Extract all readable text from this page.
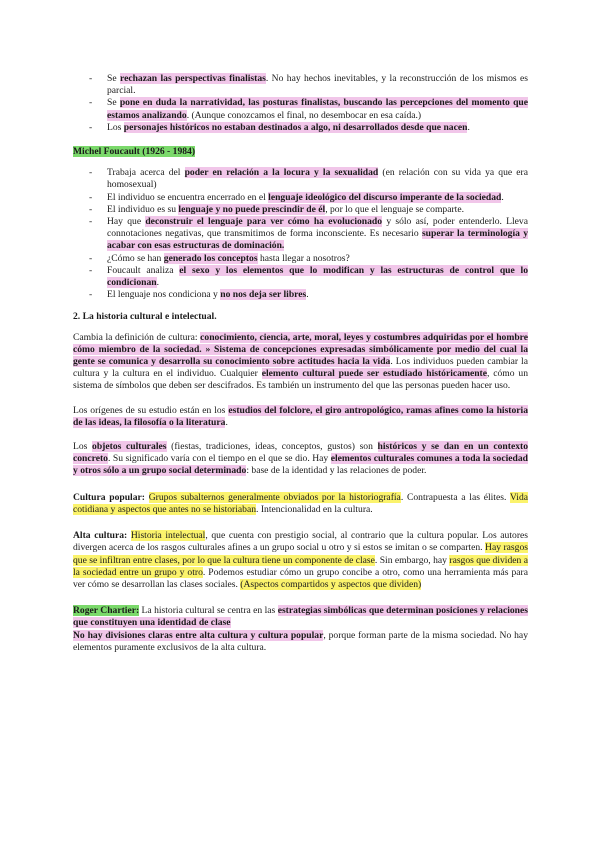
- Se rechazan las perspectivas finalistas. No hay hechos inevitables, y la reconstrucción de los mismos es parcial.
- Se pone en duda la narratividad, las posturas finalistas, buscando las percepciones del momento que estamos analizando. (Aunque conozcamos el final, no desembocar en esa caída.)
- Los personajes históricos no estaban destinados a algo, ni desarrollados desde que nacen.
Michel Foucault (1926 - 1984)
- Trabaja acerca del poder en relación a la locura y la sexualidad (en relación con su vida ya que era homosexual)
- El individuo se encuentra encerrado en el lenguaje ideológico del discurso imperante de la sociedad.
- El individuo es su lenguaje y no puede prescindir de él, por lo que el lenguaje se comparte.
- Hay que deconstruir el lenguaje para ver cómo ha evolucionado y sólo así, poder entenderlo. Lleva connotaciones negativas, que transmitimos de forma inconsciente. Es necesario superar la terminología y acabar con esas estructuras de dominación.
- ¿Cómo se han generado los conceptos hasta llegar a nosotros?
- Foucault analiza el sexo y los elementos que lo modifican y las estructuras de control que lo condicionan.
- El lenguaje nos condiciona y no nos deja ser libres.
2. La historia cultural e intelectual.

Cambia la definición de cultura: conocimiento, ciencia, arte, moral, leyes y costumbres adquiridas por el hombre cómo miembro de la sociedad. » Sistema de concepciones expresadas simbólicamente por medio del cual la gente se comunica y desarrolla su conocimiento sobre actitudes hacia la vida. Los individuos pueden cambiar la cultura y la cultura en el individuo. Cualquier elemento cultural puede ser estudiado históricamente, cómo un sistema de símbolos que deben ser descifrados. Es también un instrumento del que las personas pueden hacer uso.

Los orígenes de su estudio están en los estudios del folclore, el giro antropológico, ramas afines como la historia de las ideas, la filosofía o la literatura.

Los objetos culturales (fiestas, tradiciones, ideas, conceptos, gustos) son históricos y se dan en un contexto concreto. Su significado varía con el tiempo en el que se dio. Hay elementos culturales comunes a toda la sociedad y otros sólo a un grupo social determinado: base de la identidad y las relaciones de poder.

Cultura popular: Grupos subalternos generalmente obviados por la historiografía. Contrapuesta a las élites. Vida cotidiana y aspectos que antes no se historiaban. Intencionalidad en la cultura.

Alta cultura: Historia intelectual, que cuenta con prestigio social, al contrario que la cultura popular. Los autores divergen acerca de los rasgos culturales afines a un grupo social u otro y si estos se imitan o se comparten. Hay rasgos que se infiltran entre clases, por lo que la cultura tiene un componente de clase. Sin embargo, hay rasgos que dividen a la sociedad entre un grupo y otro. Podemos estudiar cómo un grupo concibe a otro, como una herramienta más para ver cómo se desarrollan las clases sociales. (Aspectos compartidos y aspectos que dividen)

Roger Chartier: La historia cultural se centra en las estrategias simbólicas que determinan posiciones y relaciones que constituyen una identidad de clase
No hay divisiones claras entre alta cultura y cultura popular, porque forman parte de la misma sociedad. No hay elementos puramente exclusivos de la alta cultura.
